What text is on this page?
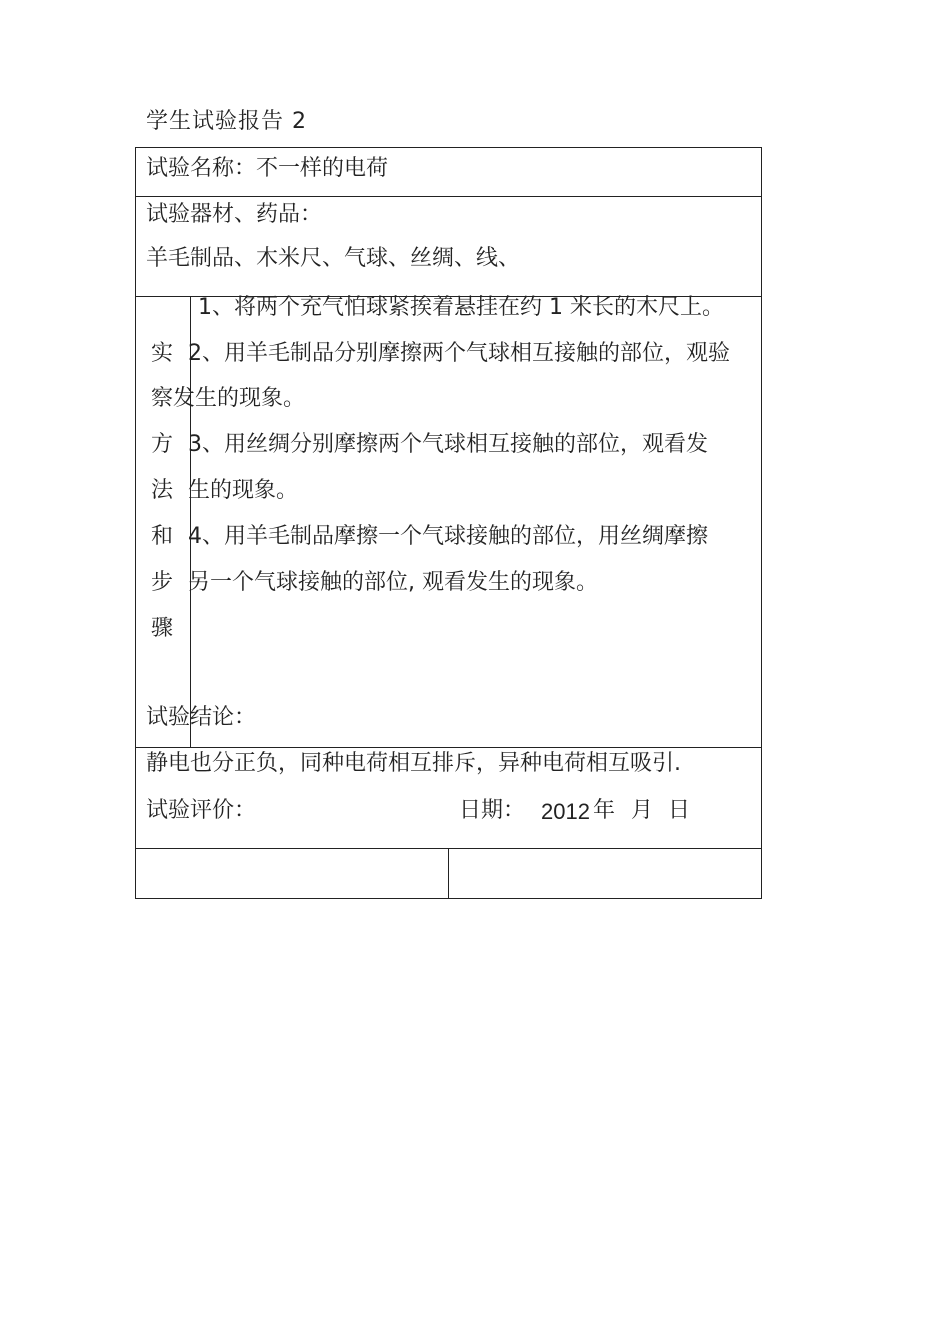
学生试验报告 2
试验名称：不一样的电荷
试验器材、药品：
羊毛制品、木米尺、气球、丝绸、线、
实
方
法
和
步
骤
1、将两个充气怕球紧挨着悬挂在约 1 米长的木尺上。
2、用羊毛制品分别摩擦两个气球相互接触的部位，观验
察发生的现象。
3、用丝绸分别摩擦两个气球相互接触的部位，观看发
生的现象。
4、用羊毛制品摩擦一个气球接触的部位，用丝绸摩擦
另一个气球接触的部位, 观看发生的现象。
试验结论：
静电也分正负，同种电荷相互排斥，异种电荷相互吸引.
试验评价：	日期： 2012 年 月 日
